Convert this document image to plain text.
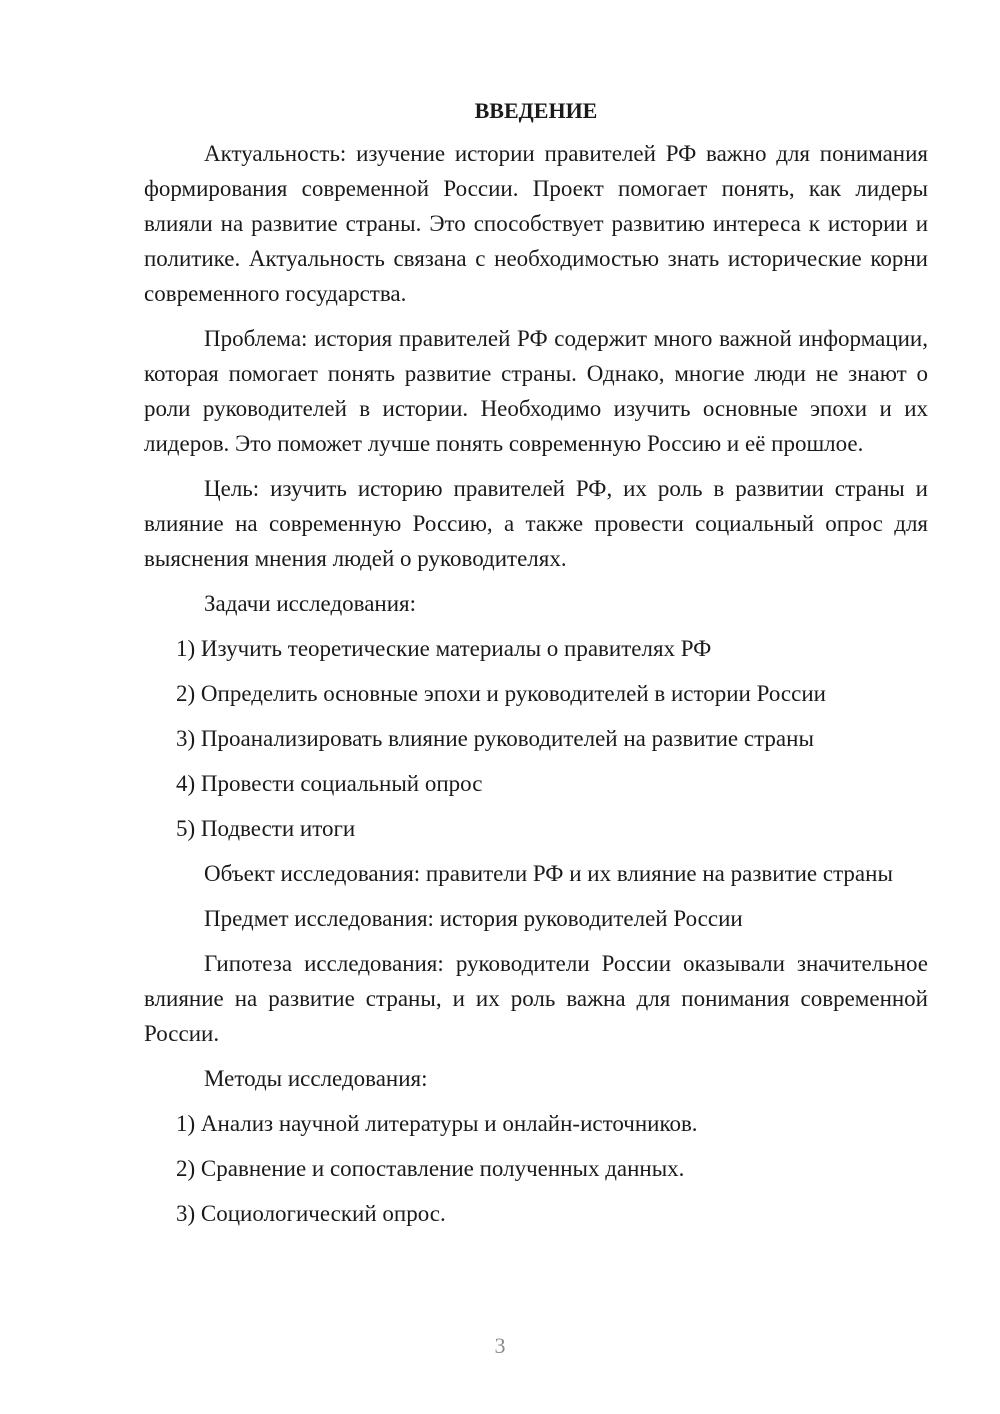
ВВЕДЕНИЕ
Актуальность: изучение истории правителей РФ важно для понимания формирования современной России. Проект помогает понять, как лидеры влияли на развитие страны. Это способствует развитию интереса к истории и политике. Актуальность связана с необходимостью знать исторические корни современного государства.
Проблема: история правителей РФ содержит много важной информации, которая помогает понять развитие страны. Однако, многие люди не знают о роли руководителей в истории. Необходимо изучить основные эпохи и их лидеров. Это поможет лучше понять современную Россию и её прошлое.
Цель: изучить историю правителей РФ, их роль в развитии страны и влияние на современную Россию, а также провести социальный опрос для выяснения мнения людей о руководителях.
Задачи исследования:
1) Изучить теоретические материалы о правителях РФ
2) Определить основные эпохи и руководителей в истории России
3) Проанализировать влияние руководителей на развитие страны
4) Провести социальный опрос
5) Подвести итоги
Объект исследования: правители РФ и их влияние на развитие страны
Предмет исследования: история руководителей России
Гипотеза исследования: руководители России оказывали значительное влияние на развитие страны, и их роль важна для понимания современной России.
Методы исследования:
1) Анализ научной литературы и онлайн-источников.
2) Сравнение и сопоставление полученных данных.
3) Социологический опрос.
3
